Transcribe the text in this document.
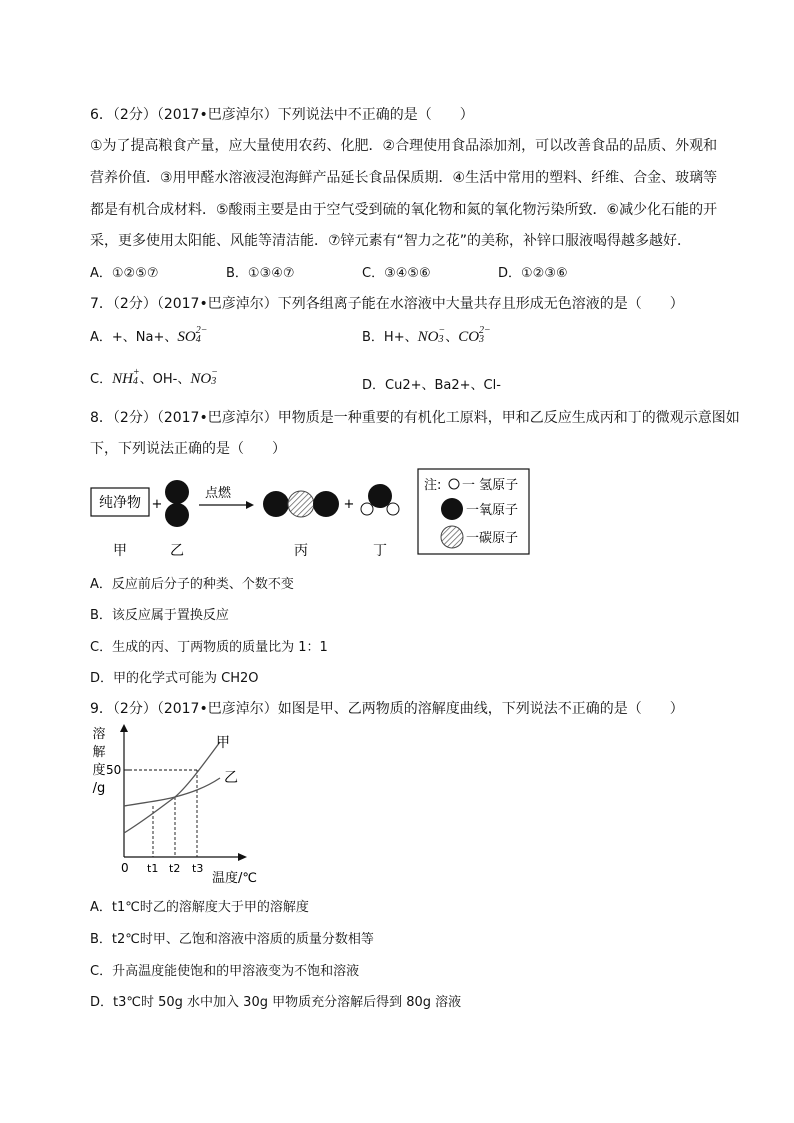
6．（2分）（2017•巴彦淖尔）下列说法中不正确的是（　　）
①为了提高粮食产量，应大量使用农药、化肥．②合理使用食品添加剂，可以改善食品的品质、外观和
营养价值．③用甲醛水溶液浸泡海鲜产品延长食品保质期．④生活中常用的塑料、纤维、合金、玻璃等
都是有机合成材料．⑤酸雨主要是由于空气受到硫的氧化物和氮的氧化物污染所致．⑥减少化石能的开
采，更多使用太阳能、风能等清洁能．⑦锌元素有“智力之花”的美称，补锌口服液喝得越多越好．
A．①②⑤⑦	B．①③④⑦	C．③④⑤⑥	D．①②③⑥
7．（2分）（2017•巴彦淖尔）下列各组离子能在水溶液中大量共存且形成无色溶液的是（　　）
A．+、Na+、SO 2−
4	B．H+、NO −
3 、CO 2−
3
C．NH +
4 、OH-、NO −
3	D．Cu2+、Ba2+、Cl-
8．（2分）（2017•巴彦淖尔）甲物质是一种重要的有机化工原料，甲和乙反应生成丙和丁的微观示意图如
下，下列说法正确的是（　　）
纯净物 +
点燃
+
注: 一 氢原子
一氧原子
一碳原子
甲	乙	丙	丁
A．反应前后分子的种类、个数不变
B．该反应属于置换反应
C．生成的丙、丁两物质的质量比为 1：1
D．甲的化学式可能为 CH2O
9．（2分）（2017•巴彦淖尔）如图是甲、乙两物质的溶解度曲线，下列说法不正确的是（　　）
溶
解
度
/g
50
甲
乙
0 t1 t2 t3
温度/℃
A．t1℃时乙的溶解度大于甲的溶解度
B．t2℃时甲、乙饱和溶液中溶质的质量分数相等
C．升高温度能使饱和的甲溶液变为不饱和溶液
D．t3℃时 50g 水中加入 30g 甲物质充分溶解后得到 80g 溶液
